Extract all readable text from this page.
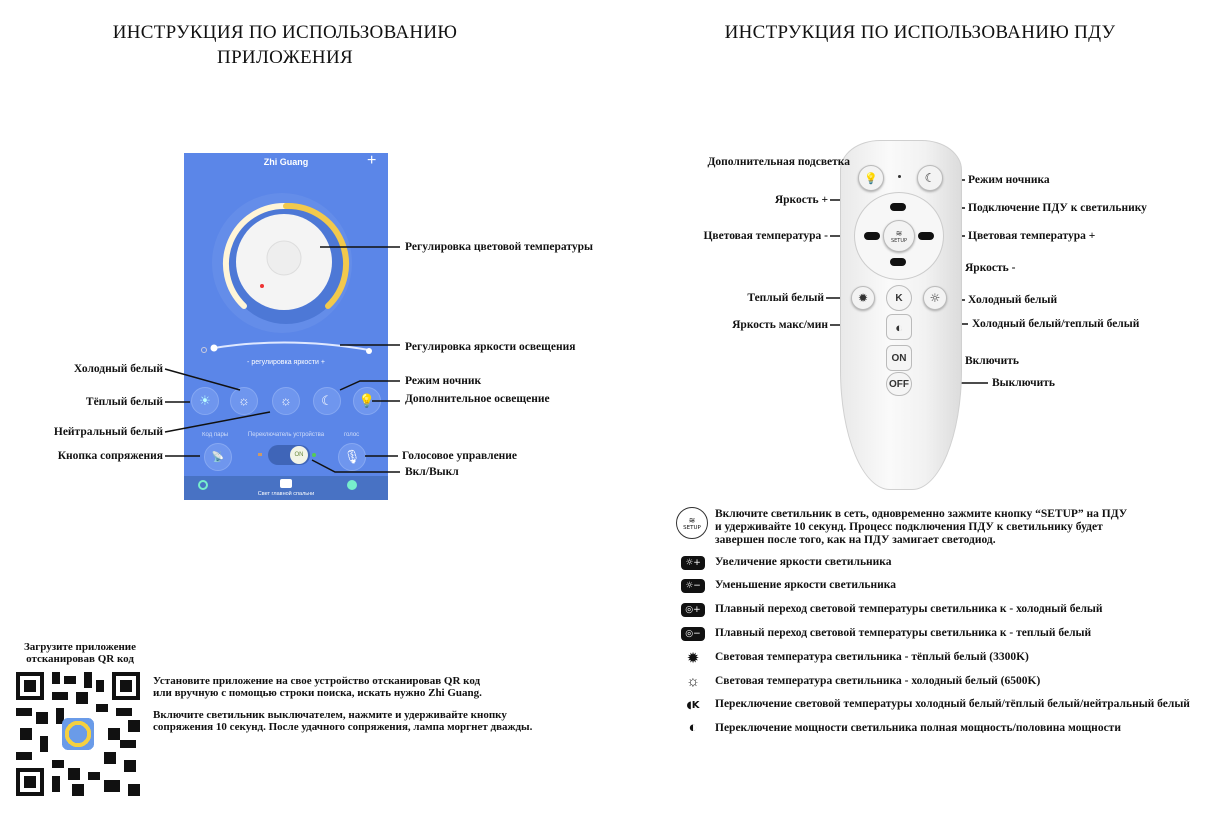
ИНСТРУКЦИЯ ПО ИСПОЛЬЗОВАНИЮ
ПРИЛОЖЕНИЯ
Zhi Guang	+
- регулировка яркости +
☀	☼	☼	☾	💡
Код пары	Переключатель устройства	голос
📡	ON	🎙
Свет главной спальни
Регулировка цветовой температуры
Регулировка яркости освещения
Холодный белый
Тёплый белый
Нейтральный белый
Кнопка сопряжения
Режим ночник
Дополнительное освещение
Голосовое управление
Вкл/Выкл
Загрузите приложение
отсканировав QR код
Установите приложение на свое устройство отсканировав QR код
или вручную с помощью строки поиска, искать нужно Zhi Guang.
Включите светильник выключателем, нажмите и удерживайте кнопку
сопряжения 10 секунд. После удачного сопряжения, лампа моргнет дважды.
ИНСТРУКЦИЯ ПО ИСПОЛЬЗОВАНИЮ ПДУ
💡	☾
≋
SETUP
✹	K	☼
◐
ON
OFF
Дополнительная подсветка
Режим ночника
Яркость +
Подключение ПДУ к светильнику
Цветовая температура -	Цветовая температура +
Яркость -
Теплый белый	Холодный белый
Яркость макс/мин	Холодный белый/теплый белый
Включить
Выключить
≋
SETUP
Включите светильник в сеть, одновременно зажмите кнопку “SETUP” на ПДУ
и удерживайте 10 секунд. Процесс подключения ПДУ к светильнику будет
завершен после того, как на ПДУ замигает светодиод.
☼+	Увеличение яркости светильника
☼−	Уменьшение яркости светильника
◎+	Плавный переход световой температуры светильника к - холодный белый
◎−	Плавный переход световой температуры светильника к - теплый белый
✹	Световая температура светильника - тёплый белый (3300K)
☼	Световая температура светильника - холодный белый (6500K)
◖K	Переключение световой температуры холодный белый/тёплый белый/нейтральный белый
◐	Переключение мощности светильника полная мощность/половина мощности
